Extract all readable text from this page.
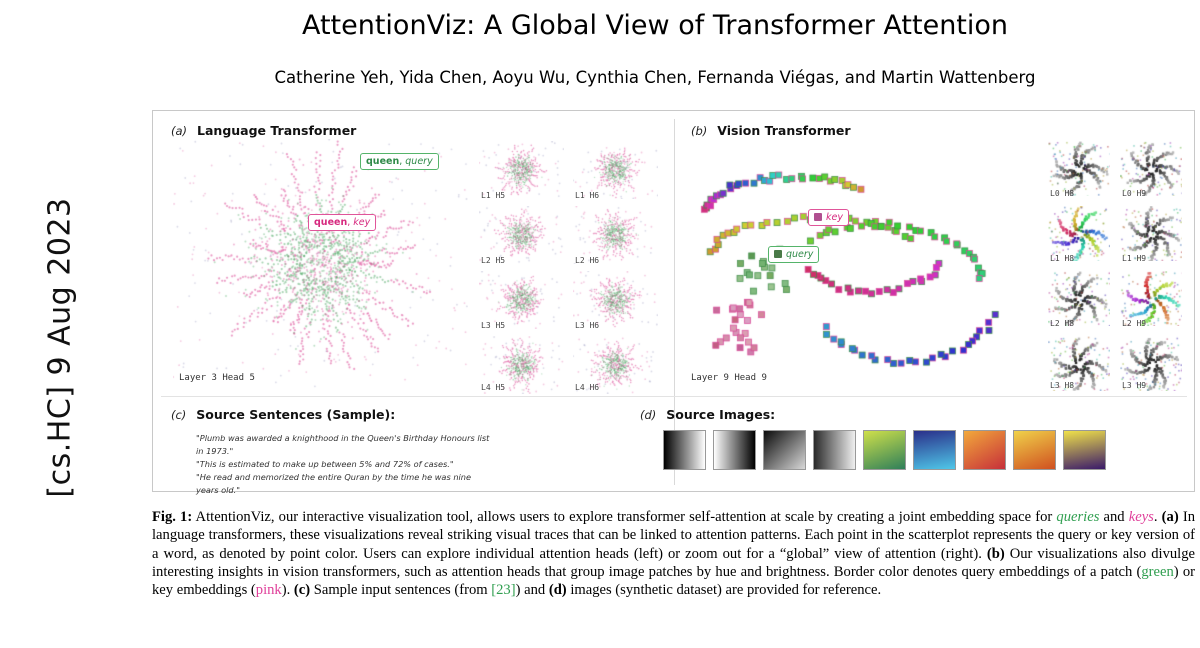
[cs.HC] 9 Aug 2023
AttentionViz: A Global View of Transformer Attention
Catherine Yeh, Yida Chen, Aoyu Wu, Cynthia Chen, Fernanda Viégas, and Martin Wattenberg
(a) Language Transformer	(b) Vision Transformer
(c) Source Sentences (Sample):	(d) Source Images:
Layer 3 Head 5
L1 H5	L1 H6
L2 H5	L2 H6
L3 H5	L3 H6
L4 H5	L4 H6
queen, query
queen, key
Layer 9 Head 9
key
query
L0 H8	L0 H9
L1 H8	L1 H9
L2 H8	L2 H9
L3 H8	L3 H9
"Plumb was awarded a knighthood in the Queen's Birthday Honours list in 1973."
"This is estimated to make up between 5% and 72% of cases."
"He read and memorized the entire Quran by the time he was nine years old."
Fig. 1: AttentionViz, our interactive visualization tool, allows users to explore transformer self-attention at scale by creating a joint embedding space for queries and keys. (a) In language transformers, these visualizations reveal striking visual traces that can be linked to attention patterns. Each point in the scatterplot represents the query or key version of a word, as denoted by point color. Users can explore individual attention heads (left) or zoom out for a “global” view of attention (right). (b) Our visualizations also divulge interesting insights in vision transformers, such as attention heads that group image patches by hue and brightness. Border color denotes query embeddings of a patch (green) or key embeddings (pink). (c) Sample input sentences (from [23]) and (d) images (synthetic dataset) are provided for reference.
